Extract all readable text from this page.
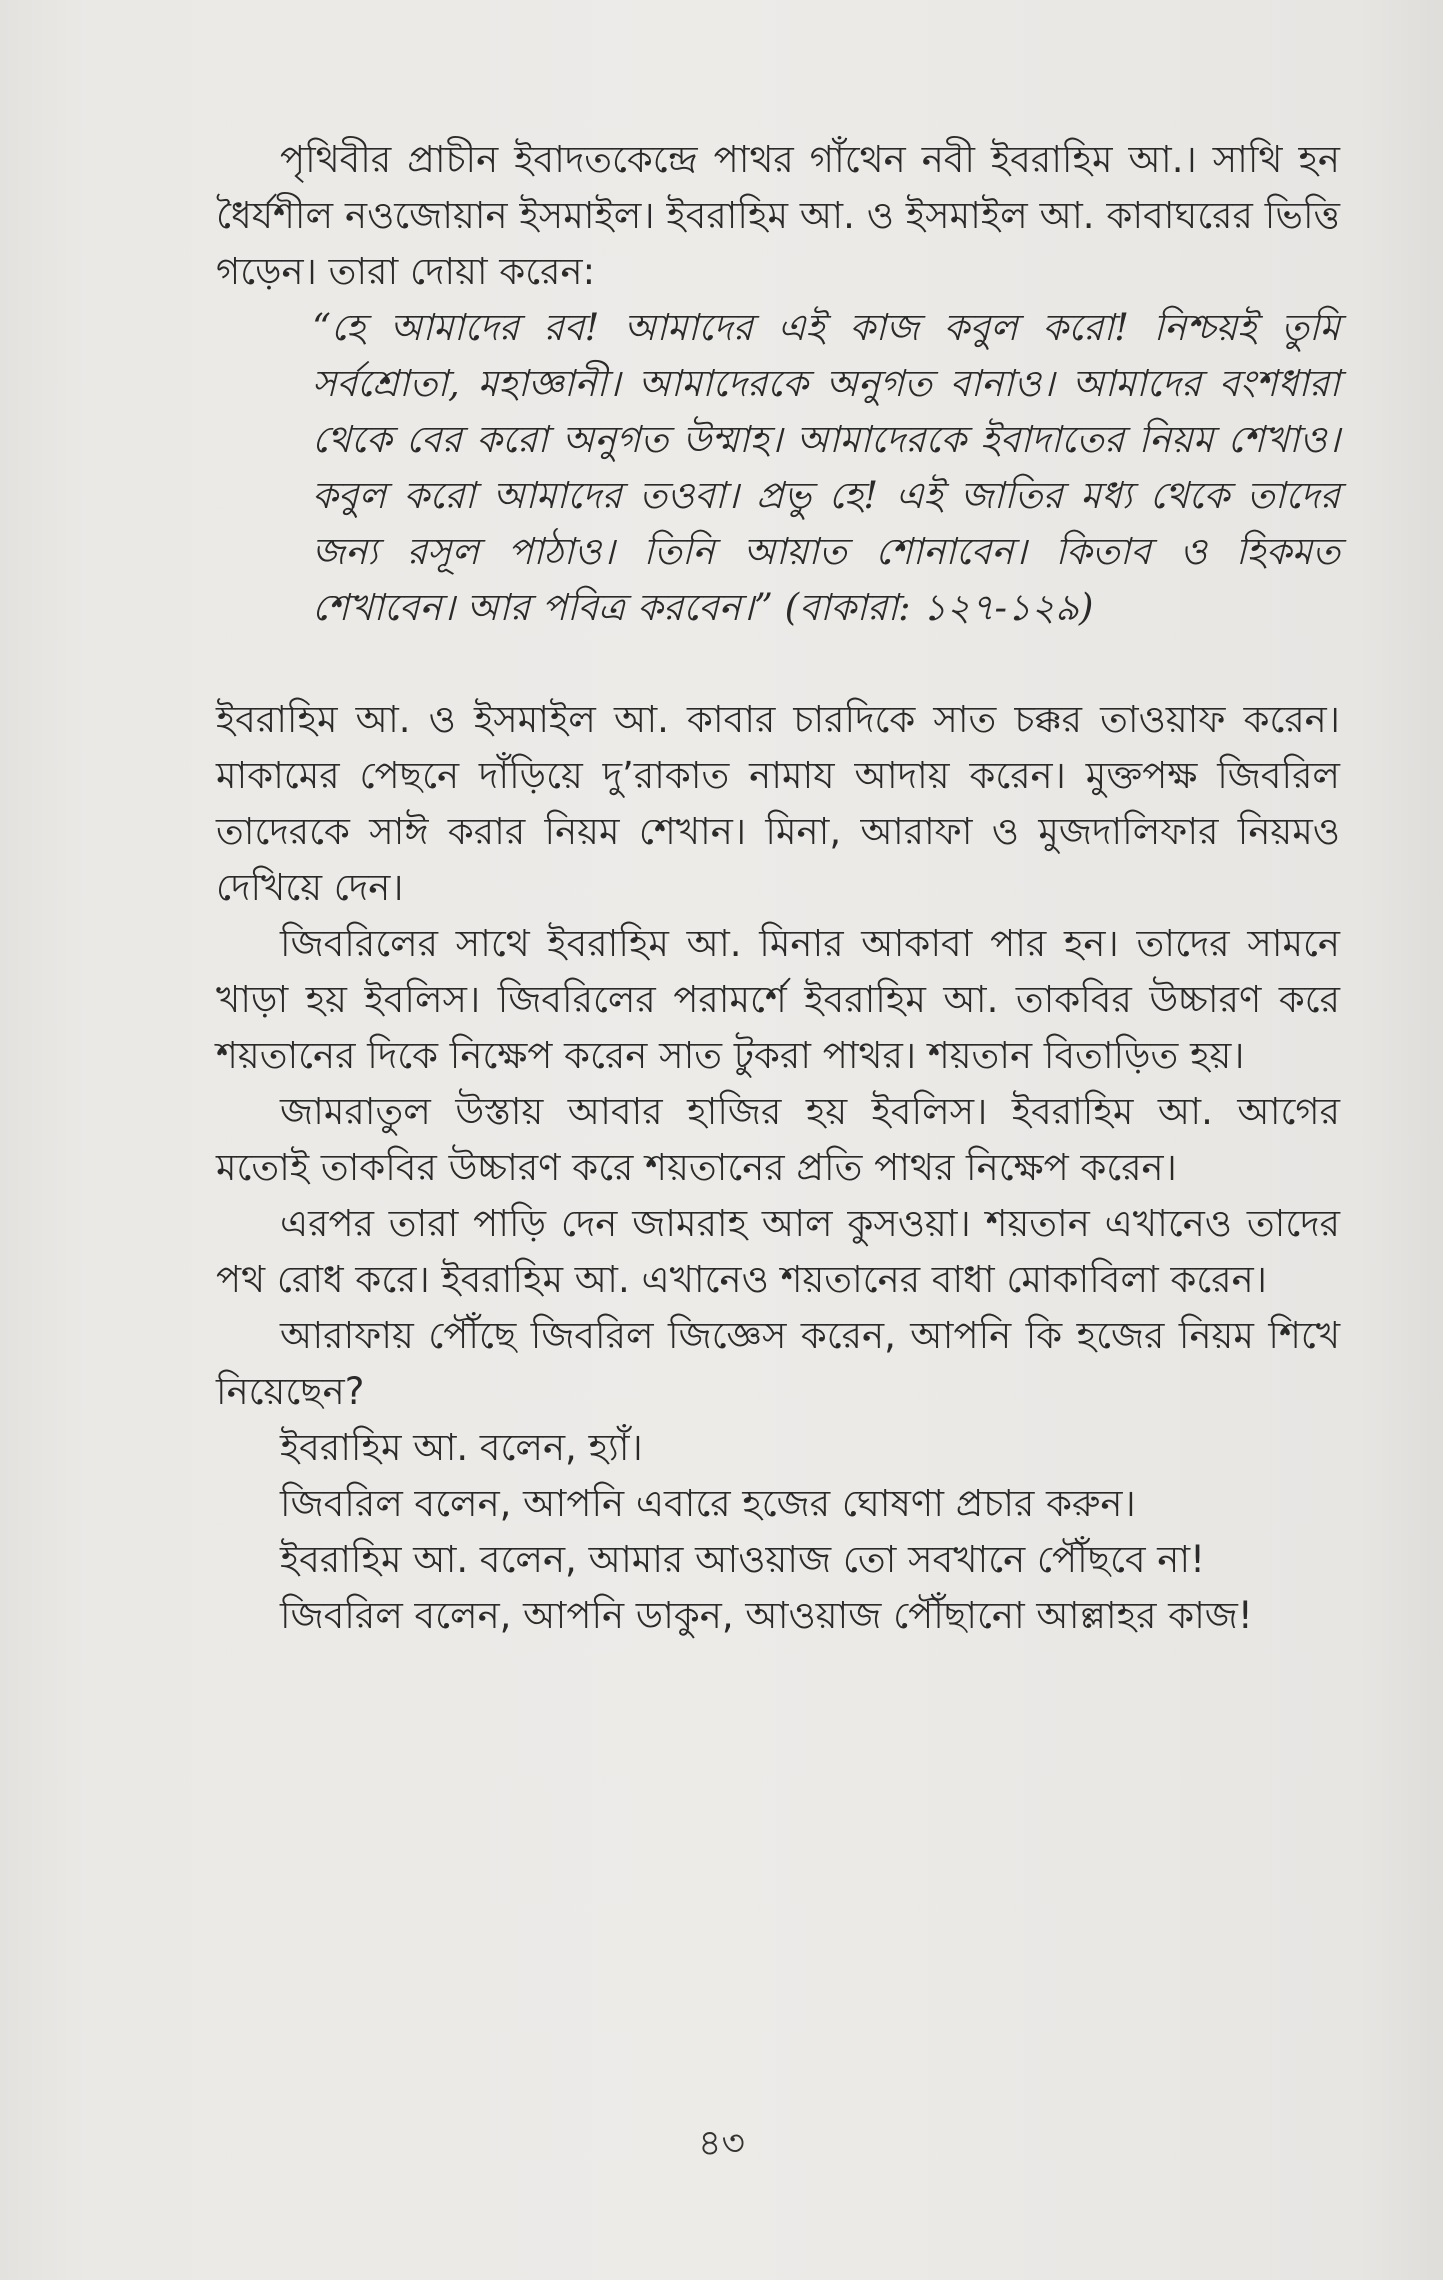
পৃথিবীর প্রাচীন ইবাদতকেন্দ্রে পাথর গাঁথেন নবী ইবরাহিম আ.। সাথি হন ধৈর্যশীল নওজোয়ান ইসমাইল। ইবরাহিম আ. ও ইসমাইল আ. কাবাঘরের ভিত্তি গড়েন। তারা দোয়া করেন:

“হে আমাদের রব! আমাদের এই কাজ কবুল করো! নিশ্চয়ই তুমি সর্বশ্রোতা, মহাজ্ঞানী। আমাদেরকে অনুগত বানাও। আমাদের বংশধারা থেকে বের করো অনুগত উম্মাহ। আমাদেরকে ইবাদাতের নিয়ম শেখাও। কবুল করো আমাদের তওবা। প্রভু হে! এই জাতির মধ্য থেকে তাদের জন্য রসূল পাঠাও। তিনি আয়াত শোনাবেন। কিতাব ও হিকমত শেখাবেন। আর পবিত্র করবেন।” (বাকারা: ১২৭-১২৯)

ইবরাহিম আ. ও ইসমাইল আ. কাবার চারদিকে সাত চক্কর তাওয়াফ করেন। মাকামের পেছনে দাঁড়িয়ে দু’রাকাত নামায আদায় করেন। মুক্তপক্ষ জিবরিল তাদেরকে সাঈ করার নিয়ম শেখান। মিনা, আরাফা ও মুজদালিফার নিয়মও দেখিয়ে দেন।

জিবরিলের সাথে ইবরাহিম আ. মিনার আকাবা পার হন। তাদের সামনে খাড়া হয় ইবলিস। জিবরিলের পরামর্শে ইবরাহিম আ. তাকবির উচ্চারণ করে শয়তানের দিকে নিক্ষেপ করেন সাত টুকরা পাথর। শয়তান বিতাড়িত হয়।

জামরাতুল উস্তায় আবার হাজির হয় ইবলিস। ইবরাহিম আ. আগের মতোই তাকবির উচ্চারণ করে শয়তানের প্রতি পাথর নিক্ষেপ করেন।

এরপর তারা পাড়ি দেন জামরাহ আল কুসওয়া। শয়তান এখানেও তাদের পথ রোধ করে। ইবরাহিম আ. এখানেও শয়তানের বাধা মোকাবিলা করেন।

আরাফায় পৌঁছে জিবরিল জিজ্ঞেস করেন, আপনি কি হজের নিয়ম শিখে নিয়েছেন?

ইবরাহিম আ. বলেন, হ্যাঁ।

জিবরিল বলেন, আপনি এবারে হজের ঘোষণা প্রচার করুন।

ইবরাহিম আ. বলেন, আমার আওয়াজ তো সবখানে পৌঁছবে না!

জিবরিল বলেন, আপনি ডাকুন, আওয়াজ পৌঁছানো আল্লাহর কাজ!

৪৩
